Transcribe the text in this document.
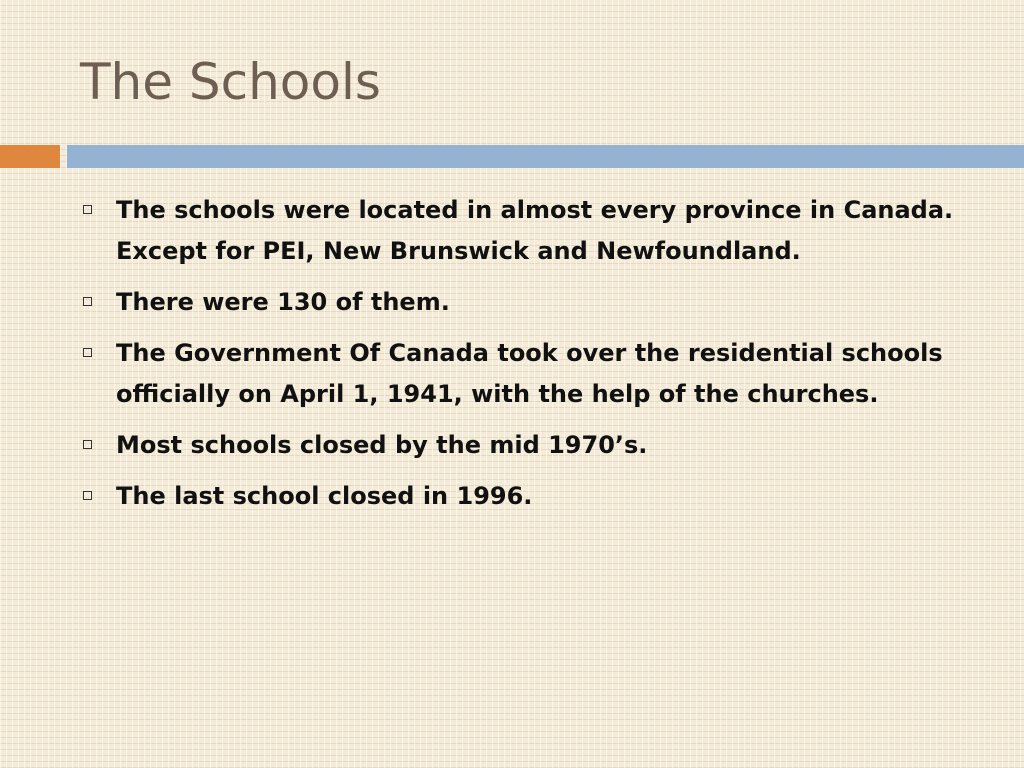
The Schools
The schools were located in almost every province in Canada. Except for PEI, New Brunswick and Newfoundland.
There were 130 of them.
The Government Of Canada took over the residential schools officially on April 1, 1941, with the help of the churches.
Most schools closed by the mid 1970’s.
The last school closed in 1996.
